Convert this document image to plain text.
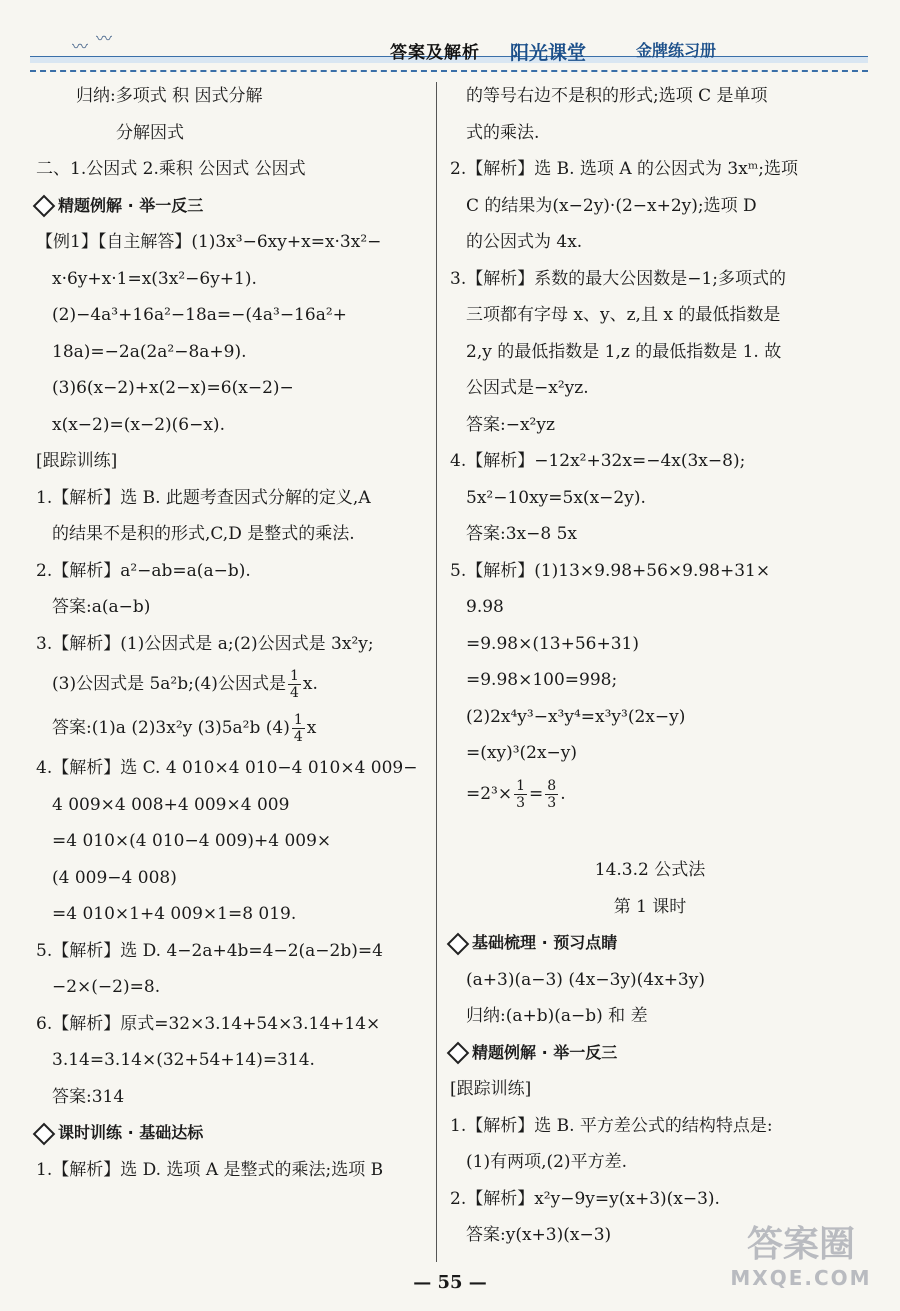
〰 〰
答案及解析 阳光课堂	金牌练习册
归纳:多项式 积 因式分解
分解因式
二、1.公因式 2.乘积 公因式 公因式
精题例解 · 举一反三
【例1】【自主解答】(1)3x³−6xy+x=x·3x²−
x·6y+x·1=x(3x²−6y+1).
(2)−4a³+16a²−18a=−(4a³−16a²+
18a)=−2a(2a²−8a+9).
(3)6(x−2)+x(2−x)=6(x−2)−
x(x−2)=(x−2)(6−x).
[跟踪训练]
1.【解析】选 B. 此题考查因式分解的定义,A
的结果不是积的形式,C,D 是整式的乘法.
2.【解析】a²−ab=a(a−b).
答案:a(a−b)
3.【解析】(1)公因式是 a;(2)公因式是 3x²y;
(3)公因式是 5a²b;(4)公因式是 $\frac{1}{4} x$.
答案:(1)a (2)3x²y (3)5a²b $(4) \frac{1}{4}$ x
4.【解析】选 C. 4 010×4 010−4 010×4 009−
4 009×4 008+4 009×4 009
=4 010×(4 010−4 009)+4 009×
(4 009−4 008)
=4 010×1+4 009×1=8 019.
5.【解析】选 D. 4−2a+4b=4−2(a−2b)=4
−2×(−2)=8.
6.【解析】原式=32×3.14+54×3.14+14×
3.14=3.14×(32+54+14)=314.
答案:314
课时训练 · 基础达标
1.【解析】选 D. 选项 A 是整式的乘法;选项 B
的等号右边不是积的形式;选项 C 是单项
式的乘法.
2.【解析】选 B. 选项 A 的公因式为 3xᵐ;选项
C 的结果为(x−2y)·(2−x+2y);选项 D
的公因式为 4x.
3.【解析】系数的最大公因数是−1;多项式的
三项都有字母 x、y、z,且 x 的最低指数是
2,y 的最低指数是 1,z 的最低指数是 1. 故
公因式是−x²yz.
答案:−x²yz
4.【解析】−12x²+32x=−4x(3x−8);
5x²−10xy=5x(x−2y).
答案:3x−8 5x
5.【解析】(1)13×9.98+56×9.98+31×
9.98
=9.98×(13+56+31)
=9.98×100=998;
(2)2x⁴y³−x³y⁴=x³y³(2x−y)
=(xy)³(2x−y)
$=2^3\times \frac{1}{3} = \frac{8}{3}$ .

14.3.2 公式法
第 1 课时
基础梳理 · 预习点睛
(a+3)(a−3) (4x−3y)(4x+3y)
归纳:(a+b)(a−b) 和 差
精题例解 · 举一反三
[跟踪训练]
1.【解析】选 B. 平方差公式的结构特点是:
(1)有两项,(2)平方差.
2.【解析】x²y−9y=y(x+3)(x−3).
答案:y(x+3)(x−3)
— 55 —
答案圈
MXQE.COM
